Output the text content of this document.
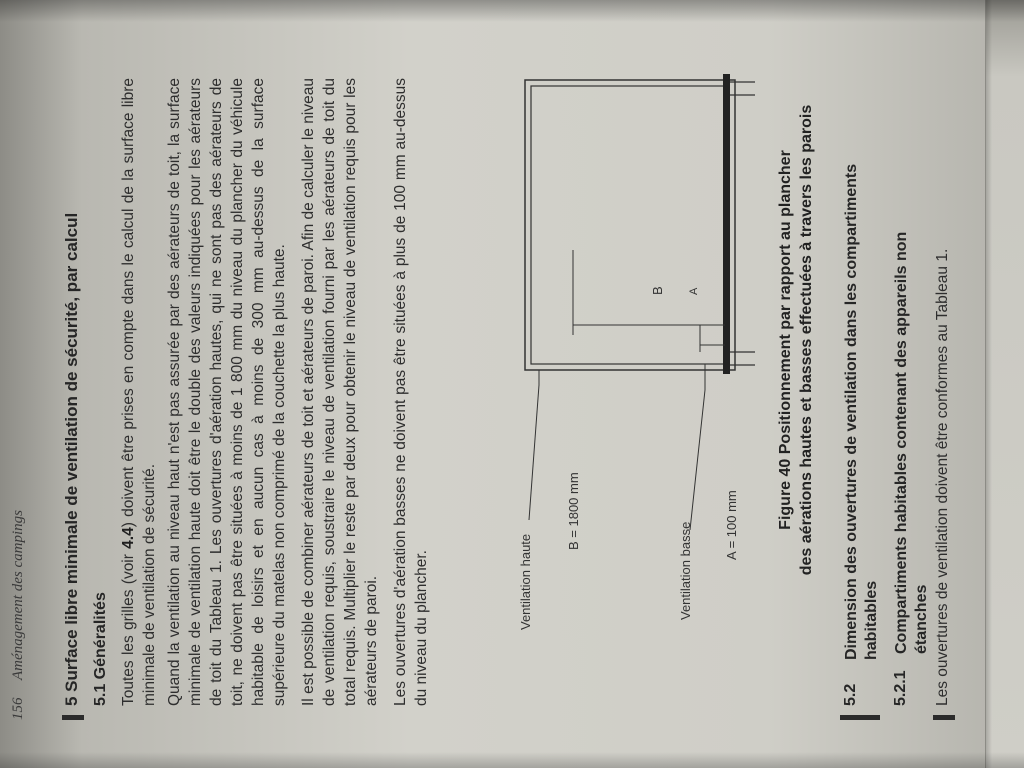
156
Aménagement des campings 5 Surface libre minimale de ventilation de sécurité, par calcul 5.1 Généralités Toutes les grilles (voir 4.4) doivent être prises en compte dans le calcul de la surface libre minimale de ventilation de sécurité. Quand la ventilation au niveau haut n'est pas assurée par des aérateurs de toit, la surface minimale de ventilation haute doit être le double des valeurs indiquées pour les aérateurs de toit du Tableau 1. Les ouvertures d'aération hautes, qui ne sont pas des aérateurs de toit, ne doivent pas être situées à moins de 1 800 mm du niveau du plancher du véhicule habitable de loisirs et en aucun cas à moins de 300 mm au-dessus de la surface supérieure du matelas non comprimé de la couchette la plus haute. Il est possible de combiner aérateurs de toit et aérateurs de paroi. Afin de calculer le niveau de ventilation requis, soustraire le niveau de ventilation fourni par les aérateurs de toit du total requis. Multiplier le reste par deux pour obtenir le niveau de ventilation requis pour les aérateurs de paroi. Les ouvertures d'aération basses ne doivent pas être situées à plus de 100 mm au-dessus du niveau du plancher.	Ventilation haute
B = 1800 mm
Ventilation basse A = 100 mm
B A	Figure 40 Positionnement par rapport au plancher des aérations hautes et basses effectuées à travers les parois
5.2
Dimension des ouvertures de ventilation dans les compartiments habitables
5.2.1
Compartiments habitables contenant des appareils non étanches Les ouvertures de ventilation doivent être conformes au Tableau 1.
